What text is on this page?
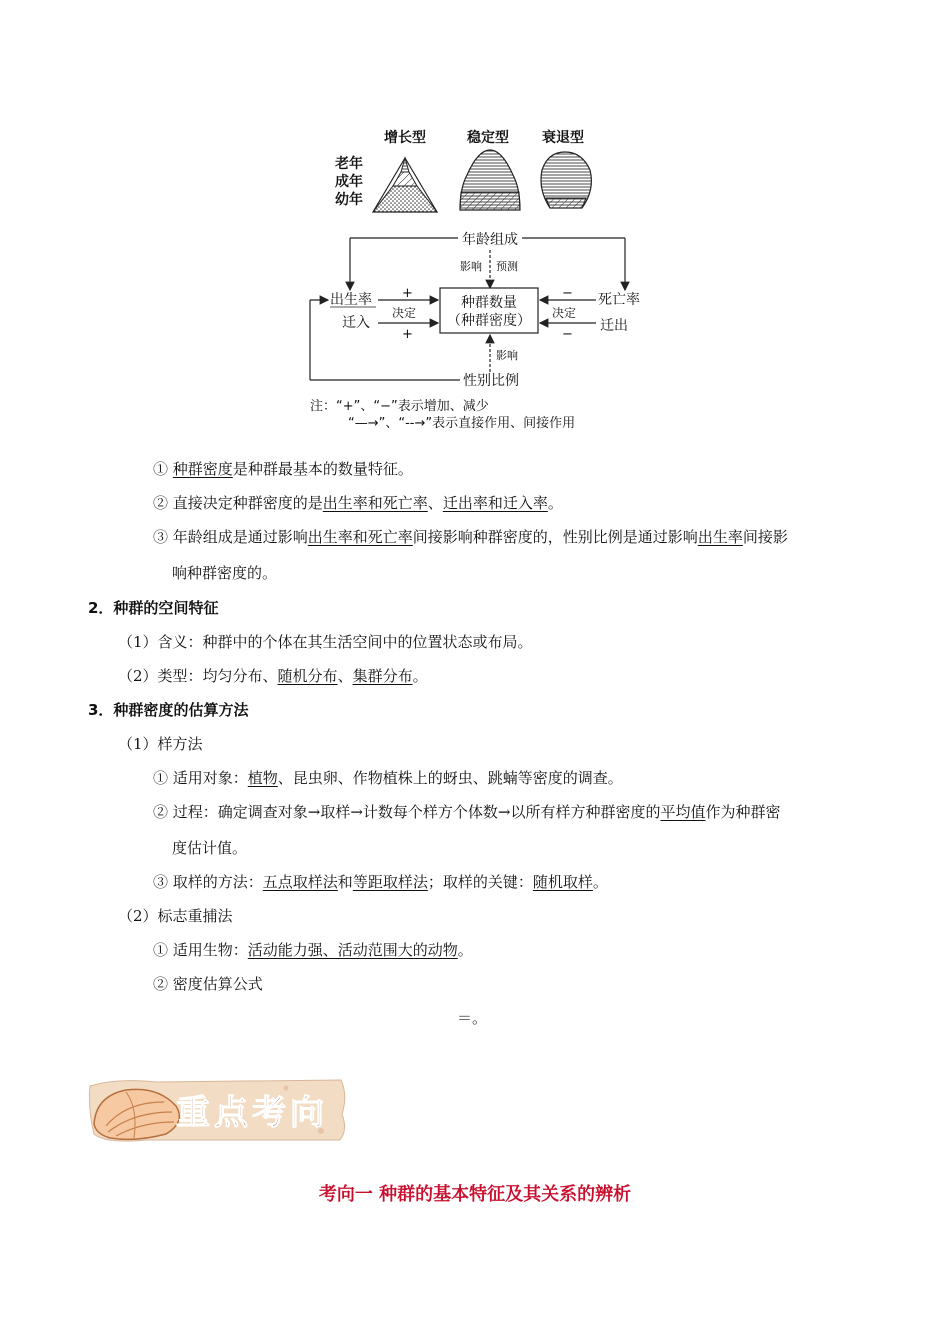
增长型	稳定型 衰退型
老年
成年
幼年
年龄组成
影响 预测
种群数量
（种群密度）
出生率
迁入
+
决定
+
死亡率
迁出
−
决定
−
影响
性别比例
注：“+”、“−”表示增加、减少
“—→”、“--→”表示直接作用、间接作用
① 种群密度是种群最基本的数量特征。
② 直接决定种群密度的是出生率和死亡率、迁出率和迁入率。
③ 年龄组成是通过影响出生率和死亡率间接影响种群密度的，性别比例是通过影响出生率间接影
响种群密度的。
2．种群的空间特征
（1）含义：种群中的个体在其生活空间中的位置状态或布局。
（2）类型：均匀分布、随机分布、集群分布。
3．种群密度的估算方法
（1）样方法
① 适用对象：植物、昆虫卵、作物植株上的蚜虫、跳蝻等密度的调查。
② 过程：确定调查对象→取样→计数每个样方个体数→以所有样方种群密度的平均值作为种群密
度估计值。
③ 取样的方法：五点取样法和等距取样法；取样的关键：随机取样。
（2）标志重捕法
① 适用生物：活动能力强、活动范围大的动物。
② 密度估算公式
＝。
重点考向
考向一 种群的基本特征及其关系的辨析
